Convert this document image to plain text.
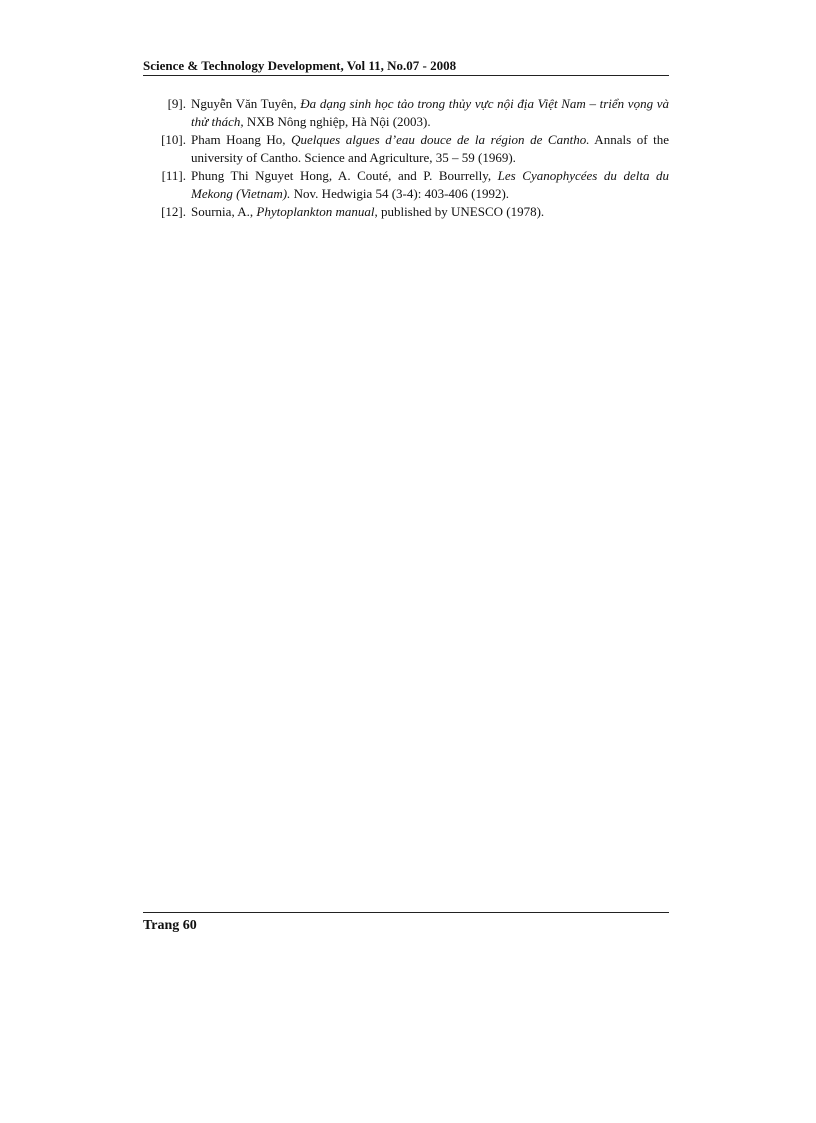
Science & Technology Development, Vol 11, No.07 - 2008
[9]. Nguyễn Văn Tuyên, Đa dạng sinh học tảo trong thủy vực nội địa Việt Nam – triển vọng và thử thách, NXB Nông nghiệp, Hà Nội (2003).
[10]. Pham Hoang Ho, Quelques algues d’eau douce de la région de Cantho. Annals of the university of Cantho. Science and Agriculture, 35 – 59 (1969).
[11]. Phung Thi Nguyet Hong, A. Couté, and P. Bourrelly, Les Cyanophycées du delta du Mekong (Vietnam). Nov. Hedwigia 54 (3-4): 403-406 (1992).
[12]. Sournia, A., Phytoplankton manual, published by UNESCO (1978).
Trang 60
